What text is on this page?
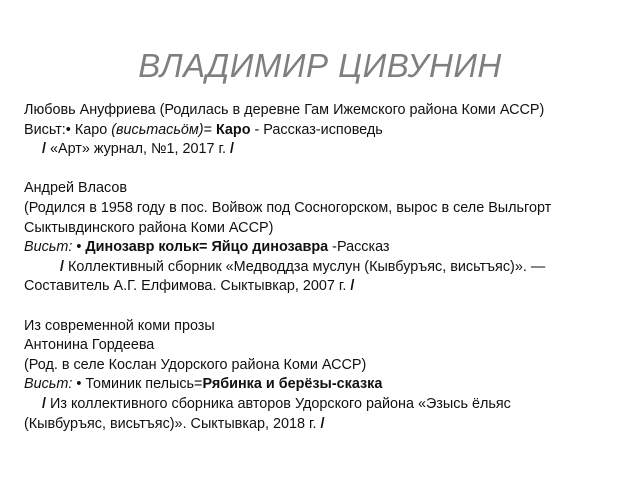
ВЛАДИМИР ЦИВУНИН
Любовь Ануфриева (Родилась в деревне Гам Ижемского района Коми АССР)
Висьт:• Каро (висьтасьӧм)= Каро - Рассказ-исповедь
/ «Арт» журнал, №1, 2017 г. /
Андрей Власов
(Родился в 1958 году в пос. Войвож под Сосногорском, вырос в селе Выльгорт
Сыктывдинского района Коми АССР)
Висьт: • Динозавр кольк= Яйцо динозавра -Рассказ
/ Коллективный сборник «Медводдза муслун (Кывбуръяс, висьтъяс)». —
Составитель А.Г. Елфимова. Сыктывкар, 2007 г. /
Из современной коми прозы
Антонина Гордеева
(Род. в селе Кослан Удорского района Коми АССР)
Висьт: • Томиник пелысь=Рябинка и берёзы-сказка
/ Из коллективного сборника авторов Удорского района «Эзысь ёльяс
(Кывбуръяс, висьтъяс)». Сыктывкар, 2018 г. /
